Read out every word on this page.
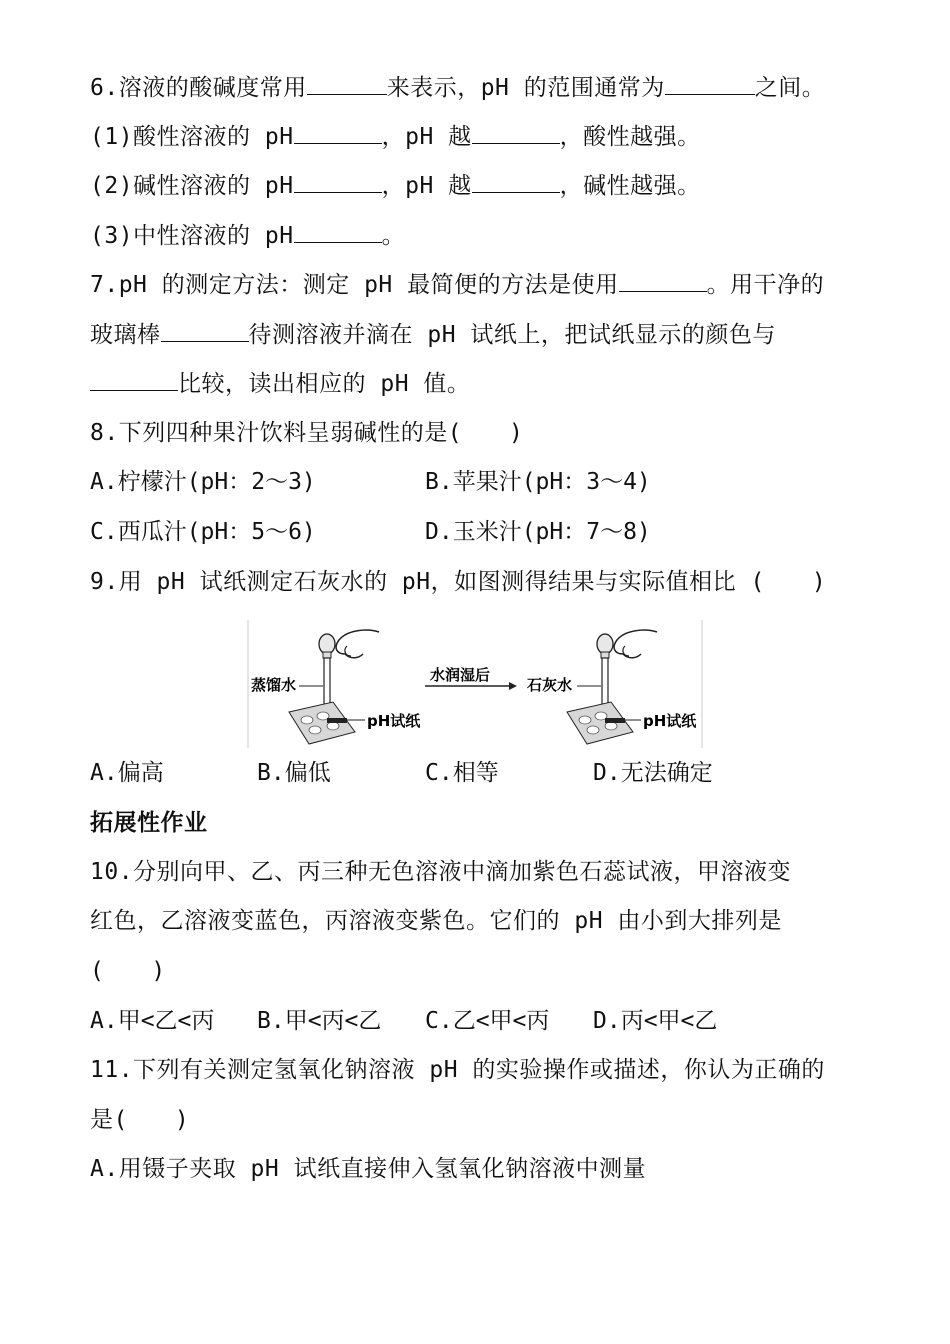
6.溶液的酸碱度常用	来表示，pH 的范围通常为	之间。
(1)酸性溶液的 pH	，pH 越	，酸性越强。
(2)碱性溶液的 pH	，pH 越	，碱性越强。
(3)中性溶液的 pH	。
7.pH 的测定方法：测定 pH 最简便的方法是使用	。用干净的
玻璃棒	待测溶液并滴在 pH 试纸上，把试纸显示的颜色与
比较，读出相应的 pH 值。
8.下列四种果汁饮料呈弱碱性的是(　　)
A.柠檬汁(pH：2～3)	B.苹果汁(pH：3～4)
C.西瓜汁(pH：5～6)	D.玉米汁(pH：7～8)
9.用 pH 试纸测定石灰水的 pH，如图测得结果与实际值相比 (　　)
蒸馏水
pH试纸
水润湿后
石灰水
pH试纸
A.偏高	B.偏低	C.相等	D.无法确定
拓展性作业
10.分别向甲、乙、丙三种无色溶液中滴加紫色石蕊试液，甲溶液变
红色，乙溶液变蓝色，丙溶液变紫色。它们的 pH 由小到大排列是
(　　)
A.甲<乙<丙 B.甲<丙<乙 C.乙<甲<丙 D.丙<甲<乙
11.下列有关测定氢氧化钠溶液 pH 的实验操作或描述，你认为正确的
是(　　)
A.用镊子夹取 pH 试纸直接伸入氢氧化钠溶液中测量
